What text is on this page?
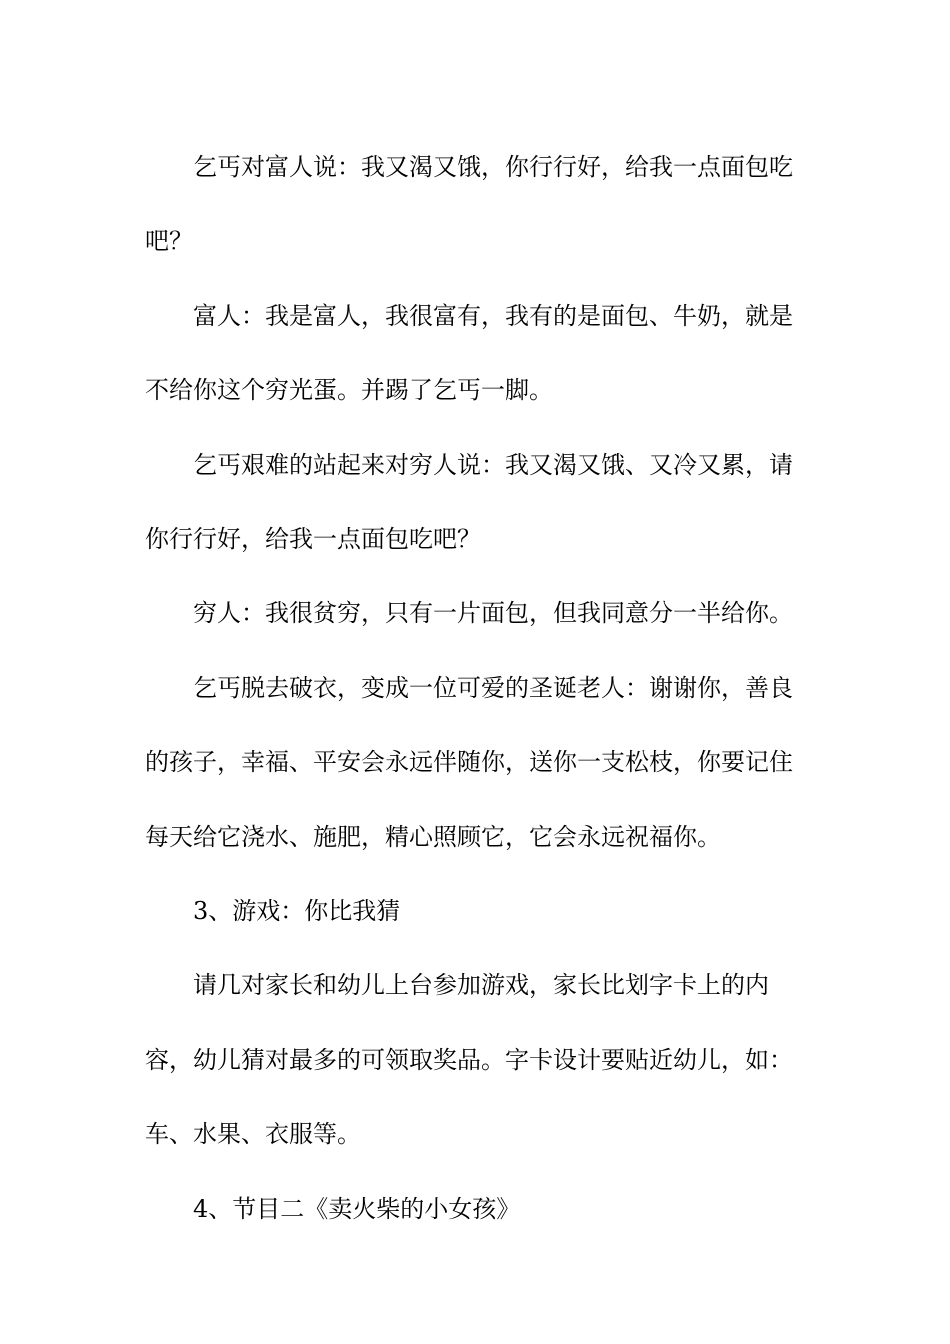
乞丐对富人说：我又渴又饿，你行行好，给我一点面包吃吧？

富人：我是富人，我很富有，我有的是面包、牛奶，就是不给你这个穷光蛋。并踢了乞丐一脚。

乞丐艰难的站起来对穷人说：我又渴又饿、又冷又累，请你行行好，给我一点面包吃吧？

穷人：我很贫穷，只有一片面包，但我同意分一半给你。

乞丐脱去破衣，变成一位可爱的圣诞老人：谢谢你，善良的孩子，幸福、平安会永远伴随你，送你一支松枝，你要记住每天给它浇水、施肥，精心照顾它，它会永远祝福你。

3、游戏：你比我猜

请几对家长和幼儿上台参加游戏，家长比划字卡上的内容，幼儿猜对最多的可领取奖品。字卡设计要贴近幼儿，如：车、水果、衣服等。

4、节目二《卖火柴的小女孩》
